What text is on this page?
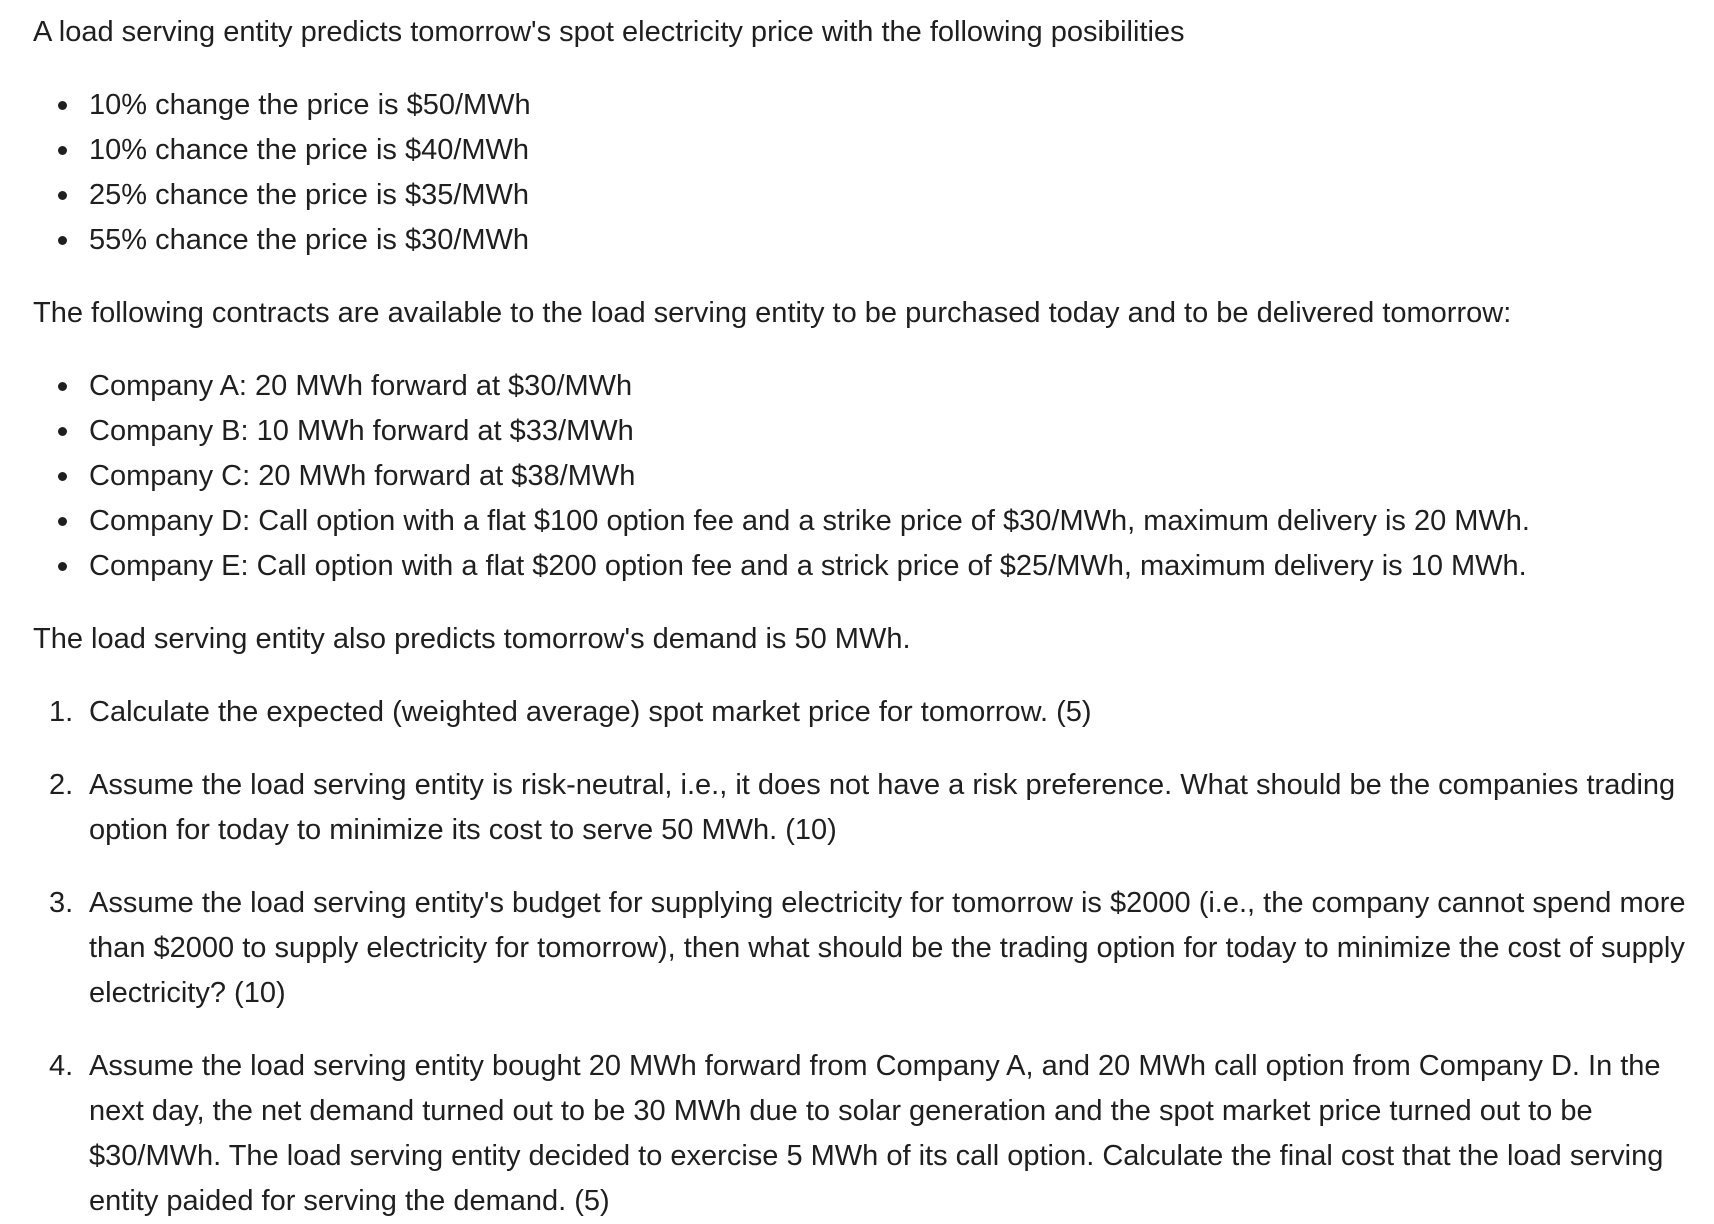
A load serving entity predicts tomorrow's spot electricity price with the following posibilities

10% change the price is $50/MWh
10% chance the price is $40/MWh
25% chance the price is $35/MWh
55% chance the price is $30/MWh

The following contracts are available to the load serving entity to be purchased today and to be delivered tomorrow:

Company A: 20 MWh forward at $30/MWh
Company B: 10 MWh forward at $33/MWh
Company C: 20 MWh forward at $38/MWh
Company D: Call option with a flat $100 option fee and a strike price of $30/MWh, maximum delivery is 20 MWh.
Company E: Call option with a flat $200 option fee and a strick price of $25/MWh, maximum delivery is 10 MWh.

The load serving entity also predicts tomorrow's demand is 50 MWh.

1. Calculate the expected (weighted average) spot market price for tomorrow. (5)
2. Assume the load serving entity is risk-neutral, i.e., it does not have a risk preference. What should be the companies trading option for today to minimize its cost to serve 50 MWh. (10)
3. Assume the load serving entity's budget for supplying electricity for tomorrow is $2000 (i.e., the company cannot spend more than $2000 to supply electricity for tomorrow), then what should be the trading option for today to minimize the cost of supply electricity? (10)
4. Assume the load serving entity bought 20 MWh forward from Company A, and 20 MWh call option from Company D. In the next day, the net demand turned out to be 30 MWh due to solar generation and the spot market price turned out to be $30/MWh. The load serving entity decided to exercise 5 MWh of its call option. Calculate the final cost that the load serving entity paided for serving the demand. (5)
